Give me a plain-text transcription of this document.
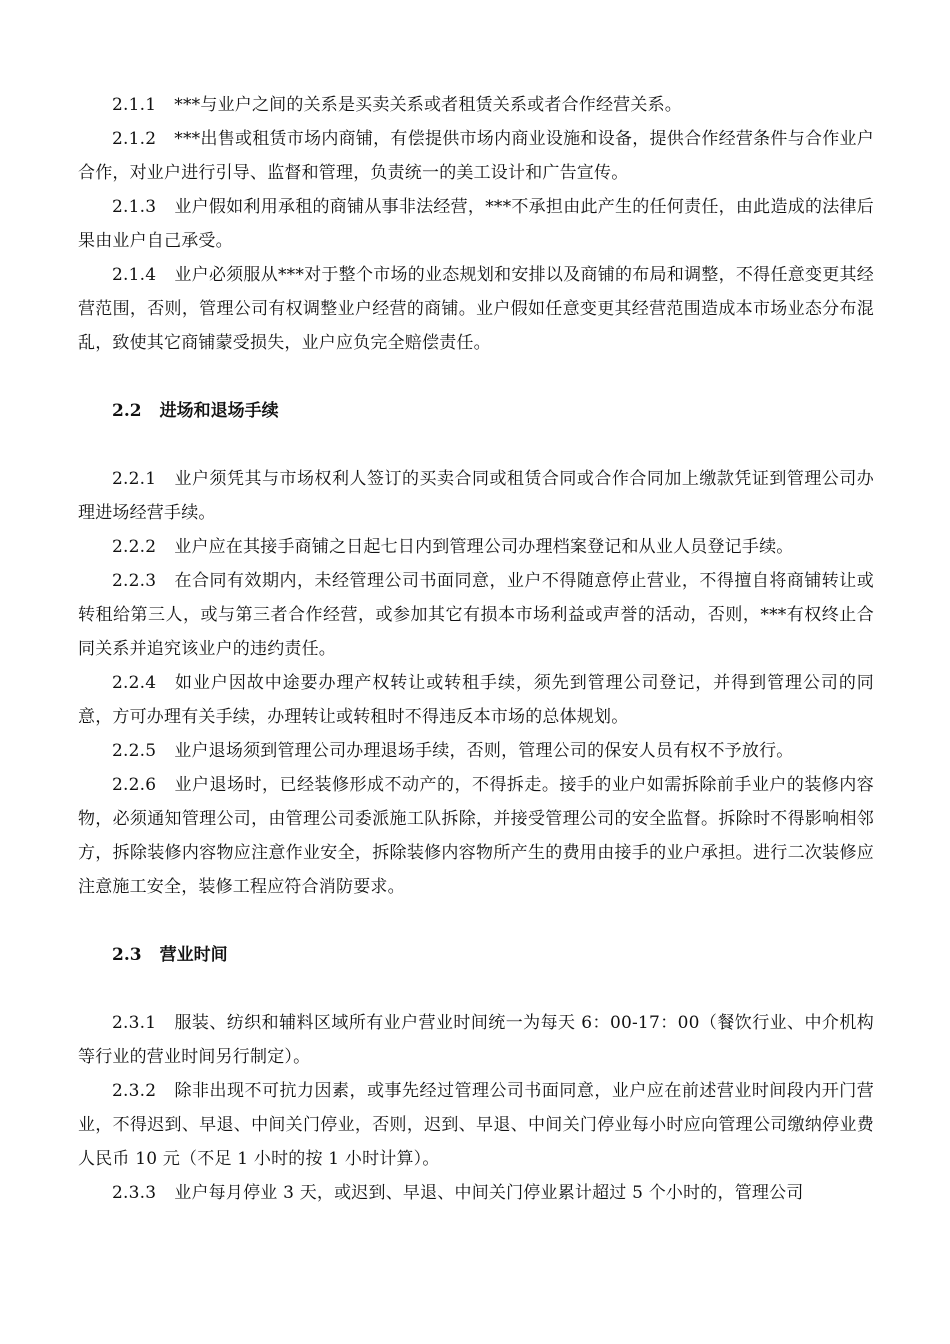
2.1.1 ***与业户之间的关系是买卖关系或者租赁关系或者合作经营关系。

2.1.2 ***出售或租赁市场内商铺，有偿提供市场内商业设施和设备，提供合作经营条件与合作业户合作，对业户进行引导、监督和管理，负责统一的美工设计和广告宣传。

2.1.3 业户假如利用承租的商铺从事非法经营，***不承担由此产生的任何责任，由此造成的法律后果由业户自己承受。

2.1.4 业户必须服从***对于整个市场的业态规划和安排以及商铺的布局和调整，不得任意变更其经营范围，否则，管理公司有权调整业户经营的商铺。业户假如任意变更其经营范围造成本市场业态分布混乱，致使其它商铺蒙受损失，业户应负完全赔偿责任。

2.2 进场和退场手续

2.2.1 业户须凭其与市场权利人签订的买卖合同或租赁合同或合作合同加上缴款凭证到管理公司办理进场经营手续。

2.2.2 业户应在其接手商铺之日起七日内到管理公司办理档案登记和从业人员登记手续。

2.2.3 在合同有效期内，未经管理公司书面同意，业户不得随意停止营业，不得擅自将商铺转让或转租给第三人，或与第三者合作经营，或参加其它有损本市场利益或声誉的活动，否则，***有权终止合同关系并追究该业户的违约责任。

2.2.4 如业户因故中途要办理产权转让或转租手续，须先到管理公司登记，并得到管理公司的同意，方可办理有关手续，办理转让或转租时不得违反本市场的总体规划。

2.2.5 业户退场须到管理公司办理退场手续，否则，管理公司的保安人员有权不予放行。

2.2.6 业户退场时，已经装修形成不动产的，不得拆走。接手的业户如需拆除前手业户的装修内容物，必须通知管理公司，由管理公司委派施工队拆除，并接受管理公司的安全监督。拆除时不得影响相邻方，拆除装修内容物应注意作业安全，拆除装修内容物所产生的费用由接手的业户承担。进行二次装修应注意施工安全，装修工程应符合消防要求。

2.3 营业时间

2.3.1 服装、纺织和辅料区域所有业户营业时间统一为每天 6：00-17：00（餐饮行业、中介机构等行业的营业时间另行制定）。

2.3.2 除非出现不可抗力因素，或事先经过管理公司书面同意，业户应在前述营业时间段内开门营业，不得迟到、早退、中间关门停业，否则，迟到、早退、中间关门停业每小时应向管理公司缴纳停业费人民币 10 元（不足 1 小时的按 1 小时计算）。

2.3.3 业户每月停业 3 天，或迟到、早退、中间关门停业累计超过 5 个小时的，管理公司
